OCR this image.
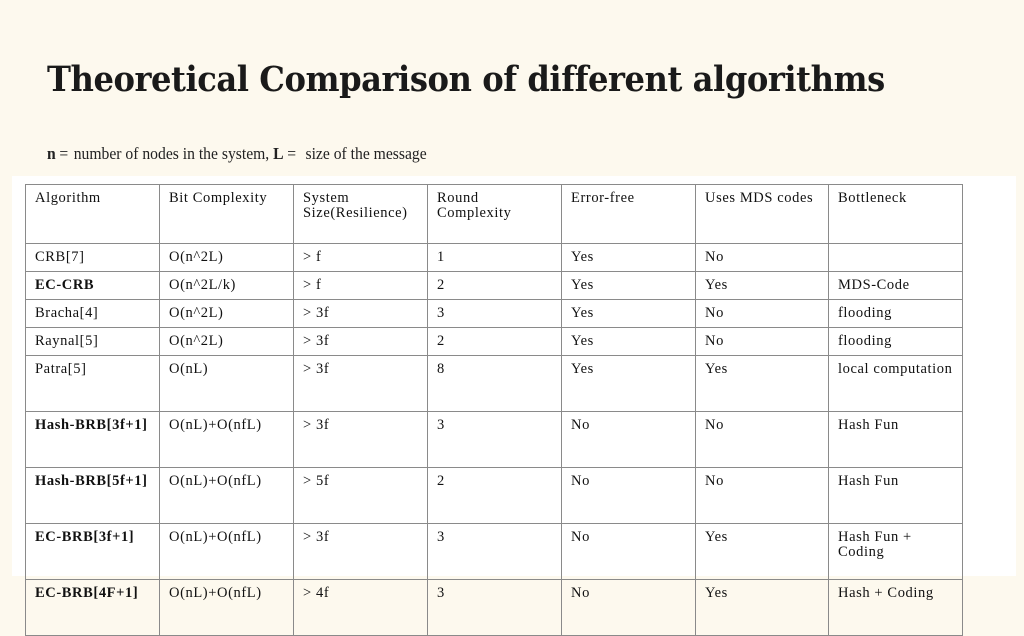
Theoretical Comparison of different algorithms
n = number of nodes in the system, L = size of the message
Algorithm	Bit Complexity	System Size(Resilience)	Round Complexity	Error-free	Uses MDS codes	Bottleneck
CRB[7]	O(n^2L)	> f	1	Yes	No	
EC-CRB	O(n^2L/k)	> f	2	Yes	Yes	MDS-Code
Bracha[4]	O(n^2L)	> 3f	3	Yes	No	flooding
Raynal[5]	O(n^2L)	> 3f	2	Yes	No	flooding
Patra[5]	O(nL)	> 3f	8	Yes	Yes	local computation
Hash-BRB[3f+1]	O(nL)+O(nfL)	> 3f	3	No	No	Hash Fun
Hash-BRB[5f+1]	O(nL)+O(nfL)	> 5f	2	No	No	Hash Fun
EC-BRB[3f+1]	O(nL)+O(nfL)	> 3f	3	No	Yes	Hash Fun + Coding
EC-BRB[4F+1]	O(nL)+O(nfL)	> 4f	3	No	Yes	Hash + Coding
